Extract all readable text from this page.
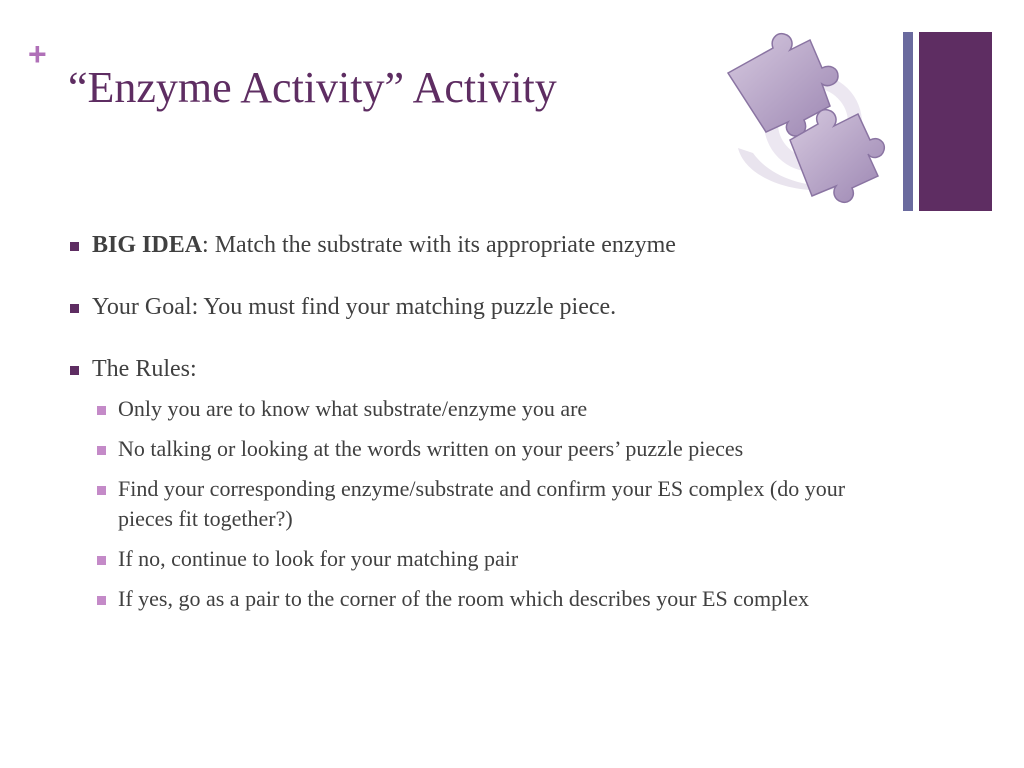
+
“Enzyme Activity” Activity
BIG IDEA: Match the substrate with its appropriate enzyme
Your Goal: You must find your matching puzzle piece.
The Rules:
Only you are to know what substrate/enzyme you are
No talking or looking at the words written on your peers’ puzzle pieces
Find your corresponding enzyme/substrate and confirm your ES complex (do your pieces fit together?)
If no, continue to look for your matching pair
If yes, go as a pair to the corner of the room which describes your ES complex
